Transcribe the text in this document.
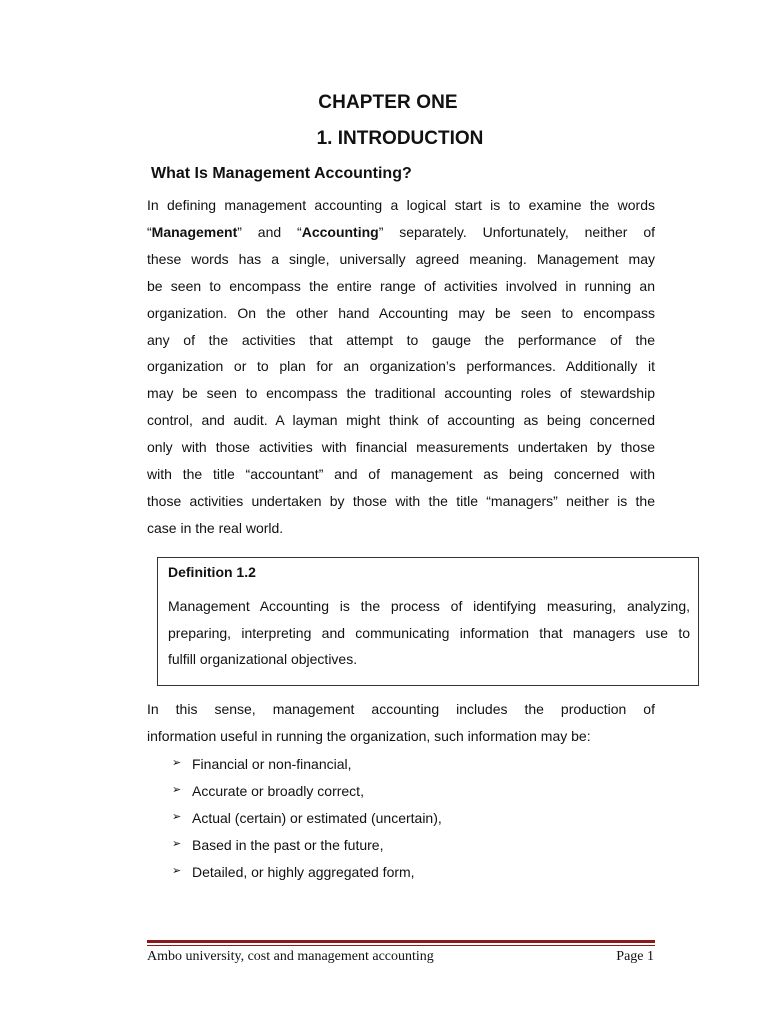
CHAPTER ONE
1. INTRODUCTION
What Is Management Accounting?
In defining management accounting a logical start is to examine the words
“Management” and “Accounting” separately. Unfortunately, neither of
these words has a single, universally agreed meaning. Management may
be seen to encompass the entire range of activities involved in running an
organization. On the other hand Accounting may be seen to encompass
any of the activities that attempt to gauge the performance of the
organization or to plan for an organization’s performances. Additionally it
may be seen to encompass the traditional accounting roles of stewardship
control, and audit. A layman might think of accounting as being concerned
only with those activities with financial measurements undertaken by those
with the title “accountant” and of management as being concerned with
those activities undertaken by those with the title “managers” neither is the
case in the real world.
Definition 1.2
Management Accounting is the process of identifying measuring, analyzing,
preparing, interpreting and communicating information that managers use to
fulfill organizational objectives.
In this sense, management accounting includes the production of
information useful in running the organization, such information may be:
➢ Financial or non-financial,
➢ Accurate or broadly correct,
➢ Actual (certain) or estimated (uncertain),
➢ Based in the past or the future,
➢ Detailed, or highly aggregated form,
Ambo university, cost and management accounting	Page 1
